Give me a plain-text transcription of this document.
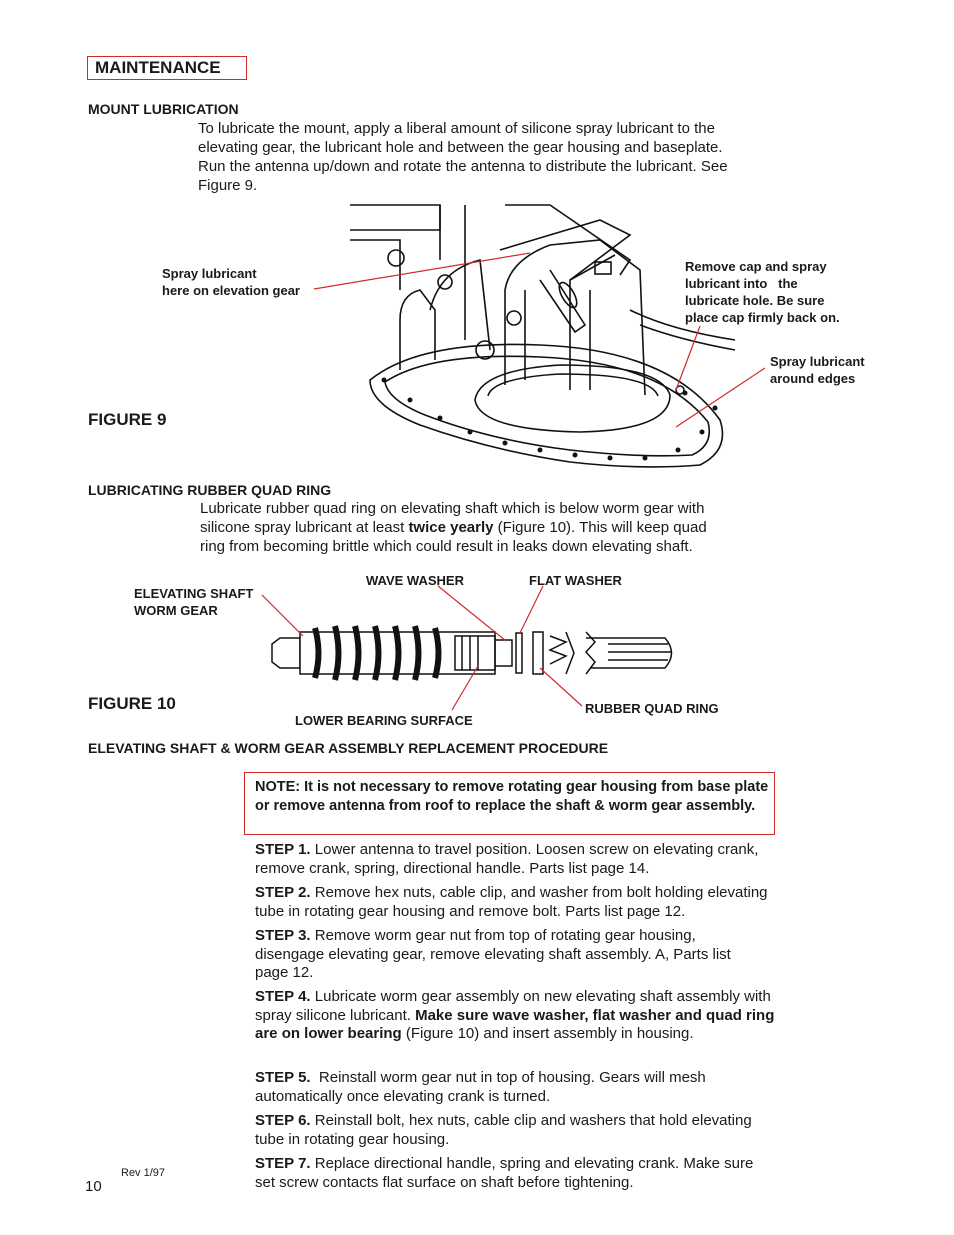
MAINTENANCE
MOUNT LUBRICATION
To lubricate the mount, apply a liberal amount of silicone spray lubricant to the elevating gear, the lubricant hole and between the gear housing and baseplate. Run the antenna up/down and rotate the antenna to distribute the lubricant. See Figure 9.
Spray lubricant
here on elevation gear
Remove cap and spray
lubricant into   the
lubricate hole. Be sure
place cap firmly back on.
Spray lubricant
around edges
FIGURE 9
LUBRICATING RUBBER QUAD RING
Lubricate rubber quad ring on elevating shaft which is below worm gear with silicone spray lubricant at least twice yearly (Figure 10). This will keep quad ring from becoming brittle which could result in leaks down elevating shaft.
ELEVATING SHAFT
WORM GEAR
WAVE WASHER	FLAT WASHER
LOWER BEARING SURFACE
RUBBER QUAD RING
FIGURE 10
ELEVATING SHAFT & WORM GEAR ASSEMBLY REPLACEMENT PROCEDURE
NOTE: It is not necessary to remove rotating gear housing from base plate or remove antenna from roof to replace the shaft & worm gear assembly.
STEP 1. Lower antenna to travel position. Loosen screw on elevating crank, remove crank, spring, directional handle. Parts list page 14.
STEP 2. Remove hex nuts, cable clip, and washer from bolt holding elevating tube in rotating gear housing and remove bolt. Parts list page 12.
STEP 3. Remove worm gear nut from top of rotating gear housing, disengage elevating gear, remove elevating shaft assembly. A, Parts list page 12.
STEP 4. Lubricate worm gear assembly on new elevating shaft assembly with spray silicone lubricant. Make sure wave washer, flat washer and quad ring are on lower bearing (Figure 10) and insert assembly in housing.
STEP 5.  Reinstall worm gear nut in top of housing. Gears will mesh automatically once elevating crank is turned.
STEP 6. Reinstall bolt, hex nuts, cable clip and washers that hold elevating tube in rotating gear housing.
STEP 7. Replace directional handle, spring and elevating crank. Make sure set screw contacts flat surface on shaft before tightening.
Rev 1/97
10
